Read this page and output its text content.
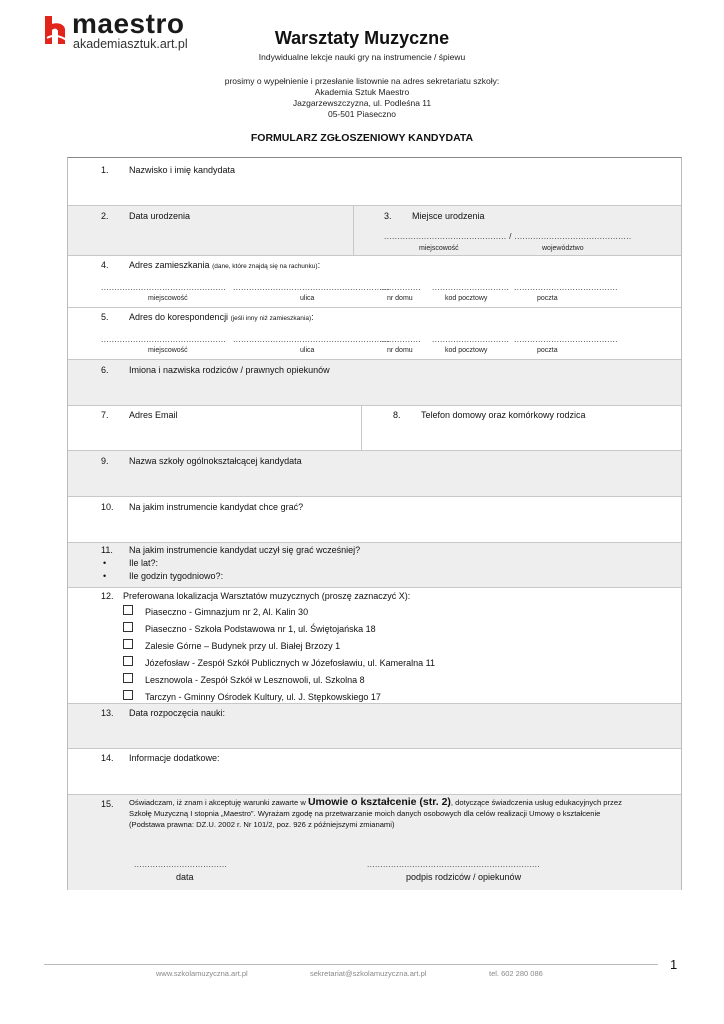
maestro
akademiasztuk.art.pl	Warsztaty Muzyczne
Indywidualne lekcje nauki gry na instrumencie / śpiewu
prosimy o wypełnienie i przesłanie listownie na adres sekretariatu szkoły:
Akademia Sztuk Maestro
Jazgarzewszczyzna, ul. Podleśna 11
05-501 Piaseczno
FORMULARZ ZGŁOSZENIOWY KANDYDATA
1. Nazwisko i imię kandydata
2. Data urodzenia	3. Miejsce urodzenia
.............................................. / ............................................
miejscowość	województwo
4. Adres zamieszkania (dane, które znajdą się na rachunku):
............................................... ...........................................................
............... ............................. .......................................
miejscowość	ulica	nr domu	kod pocztowy	poczta
5. Adres do korespondencji (jeśli inny niż zamieszkania):
............................................... ...........................................................
............... ............................. .......................................
miejscowość	ulica	nr domu	kod pocztowy	poczta
6. Imiona i nazwiska rodziców / prawnych opiekunów
7. Adres Email	8. Telefon domowy oraz komórkowy rodzica
9. Nazwa szkoły ogólnokształcącej kandydata
10. Na jakim instrumencie kandydat chce grać?
11. Na jakim instrumencie kandydat uczył się grać wcześniej?
•	Ile lat?:
•	Ile godzin tygodniowo?:
12. Preferowana lokalizacja Warsztatów muzycznych (proszę zaznaczyć X):
Piaseczno - Gimnazjum nr 2, Al. Kalin 30
Piaseczno - Szkoła Podstawowa nr 1, ul. Świętojańska 18
Zalesie Górne – Budynek przy ul. Białej Brzozy 1
Józefosław - Zespół Szkół Publicznych w Józefosławiu, ul. Kameralna 11
Lesznowola - Zespół Szkół w Lesznowoli, ul. Szkolna 8
Tarczyn - Gminny Ośrodek Kultury, ul. J. Stępkowskiego 17
13. Data rozpoczęcia nauki:
14. Informacje dodatkowe:
15. Oświadczam, iż znam i akceptuję warunki zawarte w Umowie o kształcenie (str. 2), dotyczące świadczenia usług edukacyjnych przez
Szkołę Muzyczną I stopnia „Maestro”. Wyrażam zgodę na przetwarzanie moich danych osobowych dla celów realizacji Umowy o kształcenie
(Podstawa prawna: DZ.U. 2002 r. Nr 101/2, poz. 926 z późniejszymi zmianami)
...................................	.................................................................
data	podpis rodziców / opiekunów
www.szkolamuzyczna.art.pl	sekretariat@szkolamuzyczna.art.pl	tel. 602 280 086
1
